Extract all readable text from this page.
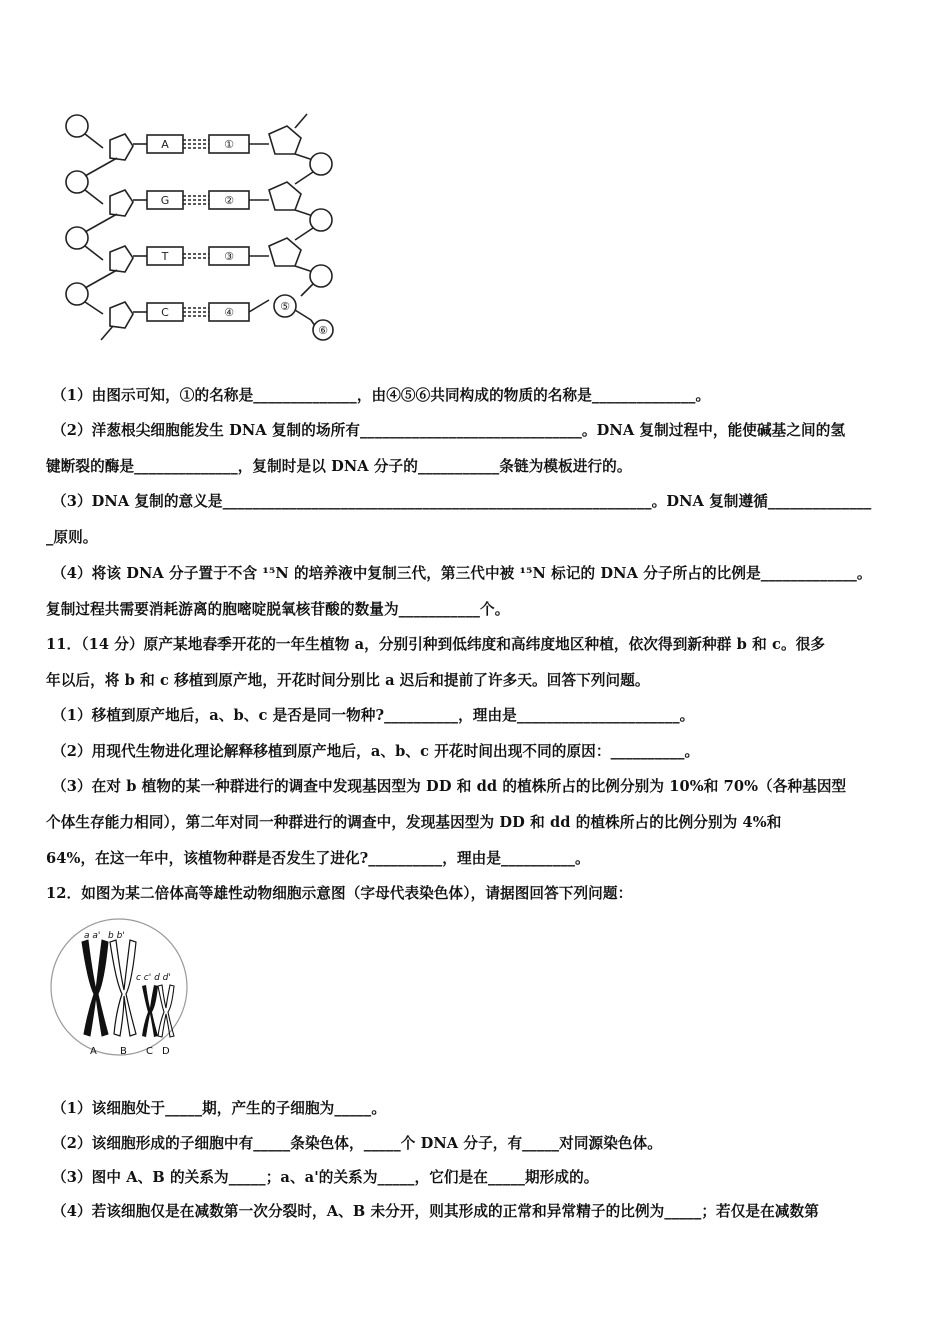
A
G
T
C
①
②
③
④	⑤
⑥
（1）由图示可知，①的名称是______________，由④⑤⑥共同构成的物质的名称是______________。
（2）洋葱根尖细胞能发生 DNA 复制的场所有______________________________。DNA 复制过程中，能使碱基之间的氢
键断裂的酶是______________，复制时是以 DNA 分子的___________条链为模板进行的。
（3）DNA 复制的意义是__________________________________________________________。DNA 复制遵循______________
_原则。
（4）将该 DNA 分子置于不含 ¹⁵N 的培养液中复制三代，第三代中被 ¹⁵N 标记的 DNA 分子所占的比例是_____________。
复制过程共需要消耗游离的胞嘧啶脱氧核苷酸的数量为___________个。
11．（14 分）原产某地春季开花的一年生植物 a，分别引种到低纬度和高纬度地区种植，依次得到新种群 b 和 c。很多
年以后，将 b 和 c 移植到原产地，开花时间分别比 a 迟后和提前了许多天。回答下列问题。
（1）移植到原产地后，a、b、c 是否是同一物种?__________，理由是______________________。
（2）用现代生物进化理论解释移植到原产地后，a、b、c 开花时间出现不同的原因：__________。
（3）在对 b 植物的某一种群进行的调查中发现基因型为 DD 和 dd 的植株所占的比例分别为 10%和 70%（各种基因型
个体生存能力相同），第二年对同一种群进行的调查中，发现基因型为 DD 和 dd 的植株所占的比例分别为 4%和
64%，在这一年中，该植物种群是否发生了进化?__________，理由是__________。
12．如图为某二倍体高等雄性动物细胞示意图（字母代表染色体），请据图回答下列问题：
a a' b b'
c c' d d'
A B C D
（1）该细胞处于_____期，产生的子细胞为_____。
（2）该细胞形成的子细胞中有_____条染色体，_____个 DNA 分子，有_____对同源染色体。
（3）图中 A、B 的关系为_____；a、a'的关系为_____，它们是在_____期形成的。
（4）若该细胞仅是在减数第一次分裂时，A、B 未分开，则其形成的正常和异常精子的比例为_____；若仅是在减数第
